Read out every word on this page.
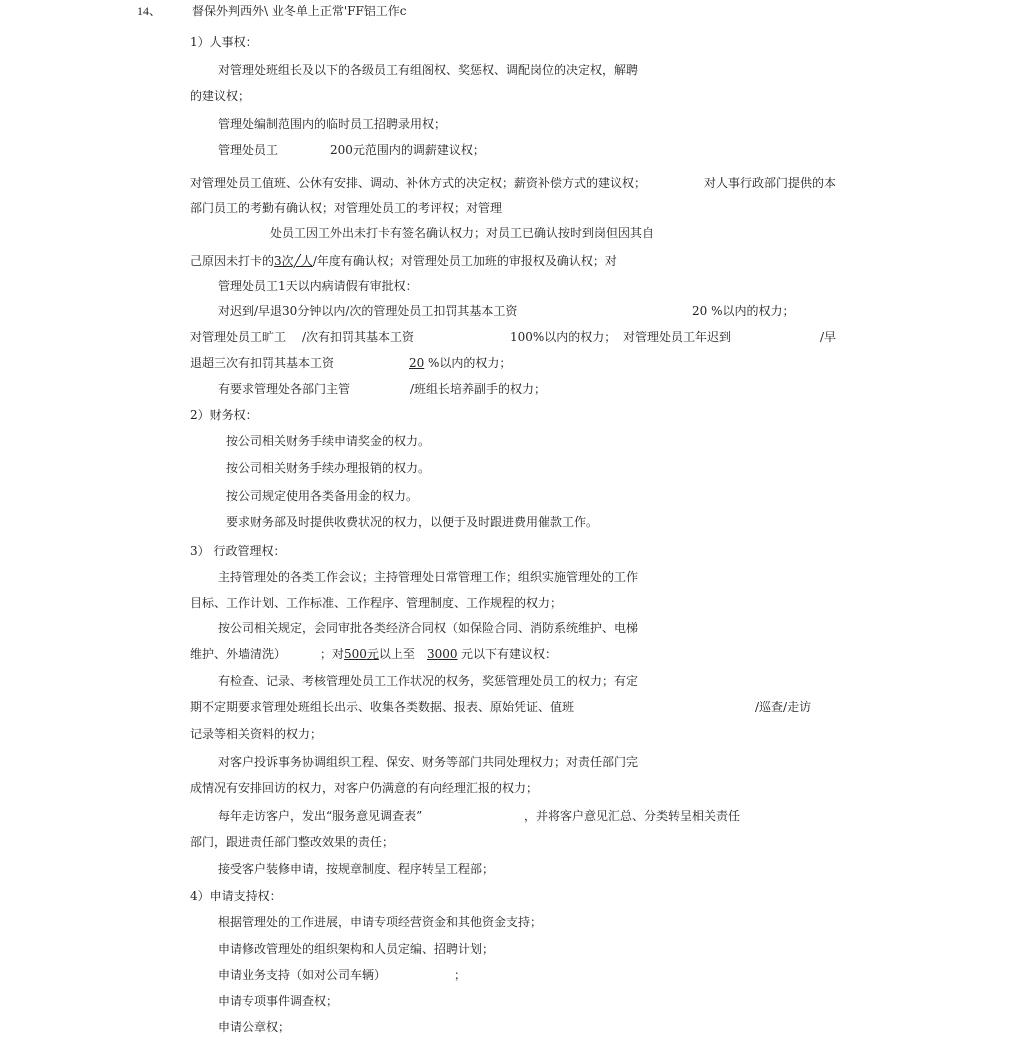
14、	督保外判西外\ 业冬单上正常'FF铝工作c
1）人事权：
对管理处班组长及以下的各级员工有组阁权、奖惩权、调配岗位的决定权，解聘
的建议权；
管理处编制范围内的临时员工招聘录用权；
管理处员工	200元范围内的调薪建议权；
对管理处员工值班、公休有安排、调动、补休方式的决定权；薪资补偿方式的建议权；	对人事行政部门提供的本
部门员工的考勤有确认权；对管理处员工的考评权；对管理
处员工因工外出未打卡有签名确认权力；对员工已确认按时到岗但因其自
己原因未打卡的3次╱人/年度有确认权；对管理处员工加班的审报权及确认权；对
管理处员工1天以内病请假有审批权：
对迟到/早退30分钟以内/次的管理处员工扣罚其基本工资	20 %以内的权力；
对管理处员工旷工 /次有扣罚其基本工资	100%以内的权力； 对管理处员工年迟到	/早
退超三次有扣罚其基本工资	20 %以内的权力；
有要求管理处各部门主管	/班组长培养副手的权力；
2）财务权：
按公司相关财务手续申请奖金的权力。
按公司相关财务手续办理报销的权力。
按公司规定使用各类备用金的权力。
要求财务部及时提供收费状况的权力，以便于及时跟进费用催款工作。
3） 行政管理权：
主持管理处的各类工作会议；主持管理处日常管理工作；组织实施管理处的工作
目标、工作计划、工作标准、工作程序、管理制度、工作规程的权力；
按公司相关规定，会同审批各类经济合同权（如保险合同、消防系统维护、电梯
维护、外墙清洗）	；对500元以上至 3000 元以下有建议权：
有检查、记录、考核管理处员工工作状况的权务，奖惩管理处员工的权力；有定
期不定期要求管理处班组长出示、收集各类数据、报表、原始凭证、值班	/巡查/走访
记录等相关资料的权力；
对客户投诉事务协调组织工程、保安、财务等部门共同处理权力；对责任部门完
成情况有安排回访的权力，对客户仍满意的有向经理汇报的权力；
每年走访客户，发出“服务意见调查表”	，并将客户意见汇总、分类转呈相关责任
部门，跟进责任部门整改效果的责任；
接受客户装修申请，按规章制度、程序转呈工程部；
4）申请支持权：
根据管理处的工作进展，申请专项经营资金和其他资金支持；
申请修改管理处的组织架构和人员定编、招聘计划；
申请业务支持（如对公司车辆）	；
申请专项事件调查权；
申请公章权；
